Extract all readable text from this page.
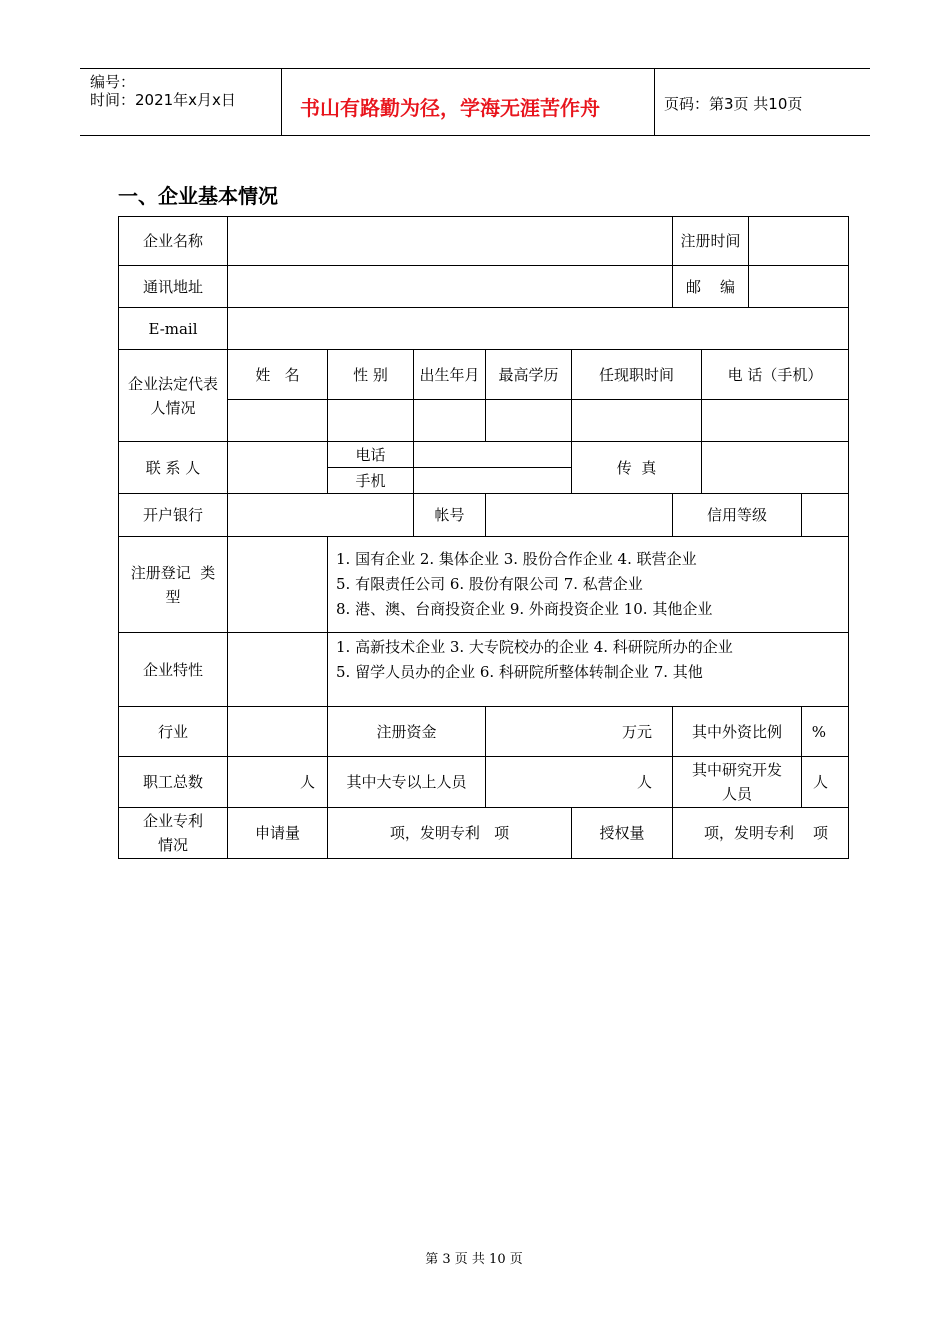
编号：
时间：2021年x月x日	书山有路勤为径，学海无涯苦作舟	页码：第3页 共10页
一、企业基本情况
企业名称						注册时间			
通讯地址						邮    编			
E-mail									
企业法定代表  人情况	姓   名	性 别	出生年月	最高学历	任现职时间		电 话（手机）		

联 系 人		电话			传  真				
		手机							
开户银行			帐号			信用等级			
注册登记  类    型		1. 国有企业 2. 集体企业 3. 股份合作企业 4. 联营企业
5. 有限责任公司 6. 股份有限公司 7. 私营企业
8. 港、澳、台商投资企业 9. 外商投资企业 10. 其他企业							

企业特性		1. 高新技术企业 3. 大专院校办的企业 4. 科研院所办的企业
5. 留学人员办的企业 6. 科研院所整体转制企业 7. 其他							

行业		注册资金		万元		其中外资比例			%
职工总数	人	其中大专以上人员		人		其中研究开发人员			人
企业专利情况	申请量	项，发明专利   项			授权量	项，发明专利    项			
第 3 页 共 10 页
